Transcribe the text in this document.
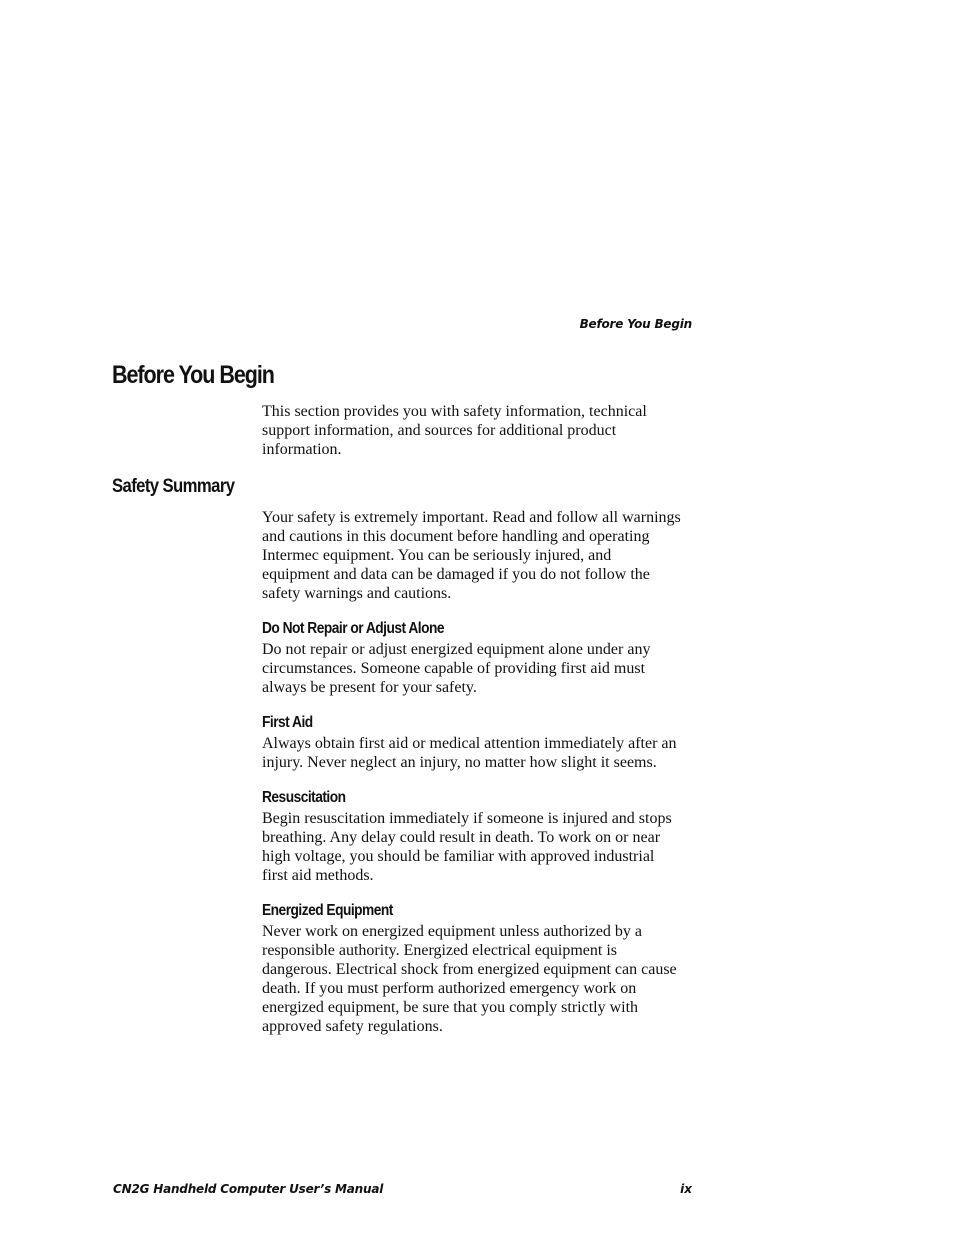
Before You Begin
Before You Begin

This section provides you with safety information, technical
support information, and sources for additional product
information.

Safety Summary

Your safety is extremely important. Read and follow all warnings
and cautions in this document before handling and operating
Intermec equipment. You can be seriously injured, and
equipment and data can be damaged if you do not follow the
safety warnings and cautions.

Do Not Repair or Adjust Alone

Do not repair or adjust energized equipment alone under any
circumstances. Someone capable of providing first aid must
always be present for your safety.

First Aid

Always obtain first aid or medical attention immediately after an
injury. Never neglect an injury, no matter how slight it seems.

Resuscitation

Begin resuscitation immediately if someone is injured and stops
breathing. Any delay could result in death. To work on or near
high voltage, you should be familiar with approved industrial
first aid methods.

Energized Equipment

Never work on energized equipment unless authorized by a
responsible authority. Energized electrical equipment is
dangerous. Electrical shock from energized equipment can cause
death. If you must perform authorized emergency work on
energized equipment, be sure that you comply strictly with
approved safety regulations.

CN2G Handheld Computer User’s Manual	ix
